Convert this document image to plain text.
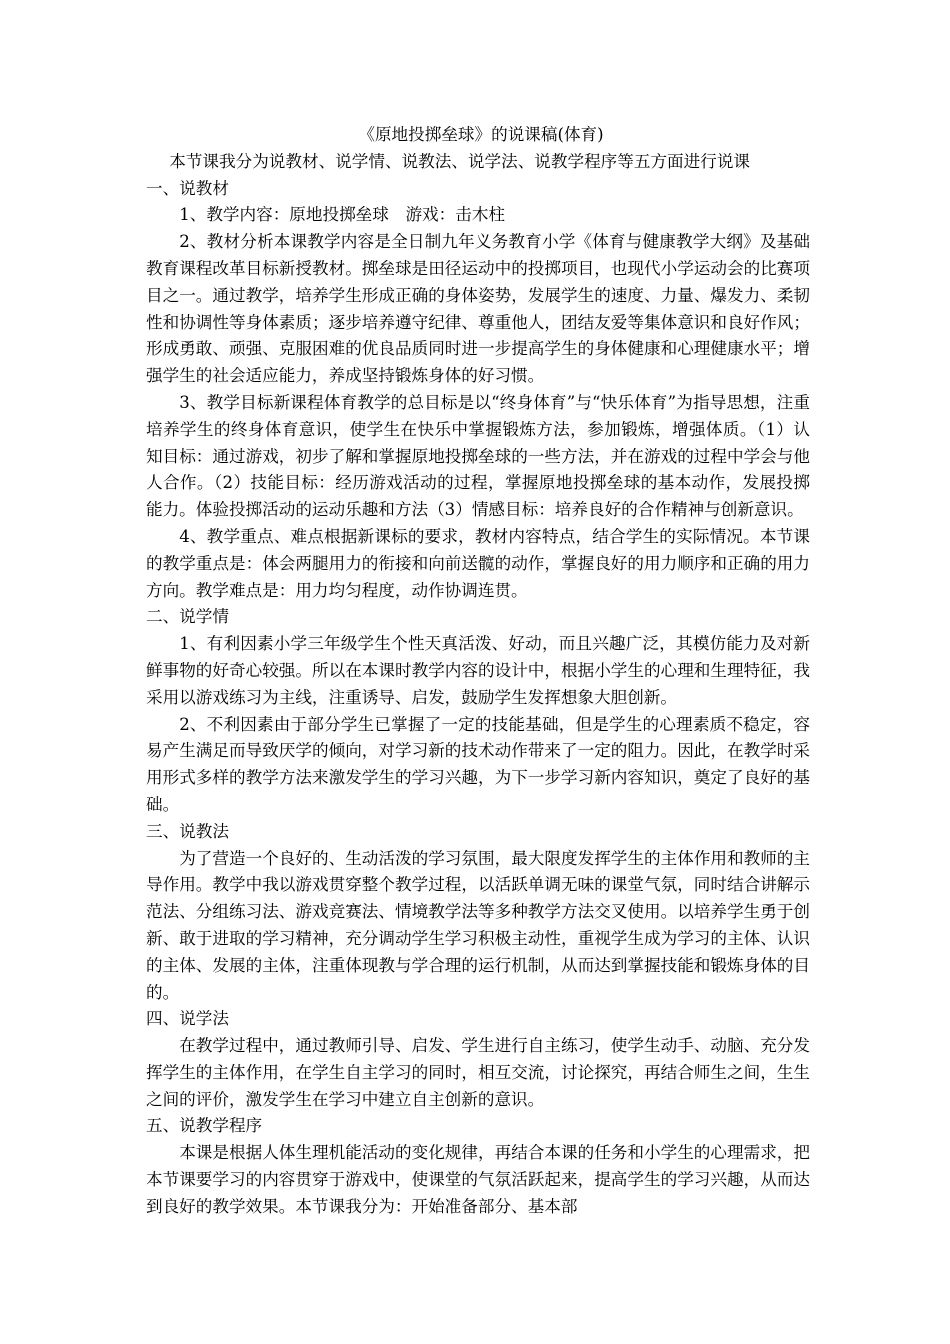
《原地投掷垒球》的说课稿(体育)

本节课我分为说教材、说学情、说教法、说学法、说教学程序等五方面进行说课

一、说教材

1、教学内容：原地投掷垒球　游戏：击木柱

2、教材分析本课教学内容是全日制九年义务教育小学《体育与健康教学大纲》及基础教育课程改革目标新授教材。掷垒球是田径运动中的投掷项目，也现代小学运动会的比赛项目之一。通过教学，培养学生形成正确的身体姿势，发展学生的速度、力量、爆发力、柔韧性和协调性等身体素质；逐步培养遵守纪律、尊重他人，团结友爱等集体意识和良好作风；形成勇敢、顽强、克服困难的优良品质同时进一步提高学生的身体健康和心理健康水平；增强学生的社会适应能力，养成坚持锻炼身体的好习惯。

3、教学目标新课程体育教学的总目标是以“终身体育”与“快乐体育”为指导思想，注重培养学生的终身体育意识，使学生在快乐中掌握锻炼方法，参加锻炼，增强体质。（1）认知目标：通过游戏，初步了解和掌握原地投掷垒球的一些方法，并在游戏的过程中学会与他人合作。（2）技能目标：经历游戏活动的过程，掌握原地投掷垒球的基本动作，发展投掷能力。体验投掷活动的运动乐趣和方法（3）情感目标：培养良好的合作精神与创新意识。

4、教学重点、难点根据新课标的要求，教材内容特点，结合学生的实际情况。本节课的教学重点是：体会两腿用力的衔接和向前送髋的动作，掌握良好的用力顺序和正确的用力方向。教学难点是：用力均匀程度，动作协调连贯。

二、说学情

1、有利因素小学三年级学生个性天真活泼、好动，而且兴趣广泛，其模仿能力及对新鲜事物的好奇心较强。所以在本课时教学内容的设计中，根据小学生的心理和生理特征，我采用以游戏练习为主线，注重诱导、启发，鼓励学生发挥想象大胆创新。

2、不利因素由于部分学生已掌握了一定的技能基础，但是学生的心理素质不稳定，容易产生满足而导致厌学的倾向，对学习新的技术动作带来了一定的阻力。因此，在教学时采用形式多样的教学方法来激发学生的学习兴趣，为下一步学习新内容知识，奠定了良好的基础。

三、说教法

为了营造一个良好的、生动活泼的学习氛围，最大限度发挥学生的主体作用和教师的主导作用。教学中我以游戏贯穿整个教学过程，以活跃单调无味的课堂气氛，同时结合讲解示范法、分组练习法、游戏竞赛法、情境教学法等多种教学方法交叉使用。以培养学生勇于创新、敢于进取的学习精神，充分调动学生学习积极主动性，重视学生成为学习的主体、认识的主体、发展的主体，注重体现教与学合理的运行机制，从而达到掌握技能和锻炼身体的目的。

四、说学法

在教学过程中，通过教师引导、启发、学生进行自主练习，使学生动手、动脑、充分发挥学生的主体作用，在学生自主学习的同时，相互交流，讨论探究，再结合师生之间，生生之间的评价，激发学生在学习中建立自主创新的意识。

五、说教学程序

本课是根据人体生理机能活动的变化规律，再结合本课的任务和小学生的心理需求，把本节课要学习的内容贯穿于游戏中，使课堂的气氛活跃起来，提高学生的学习兴趣，从而达到良好的教学效果。本节课我分为：开始准备部分、基本部
